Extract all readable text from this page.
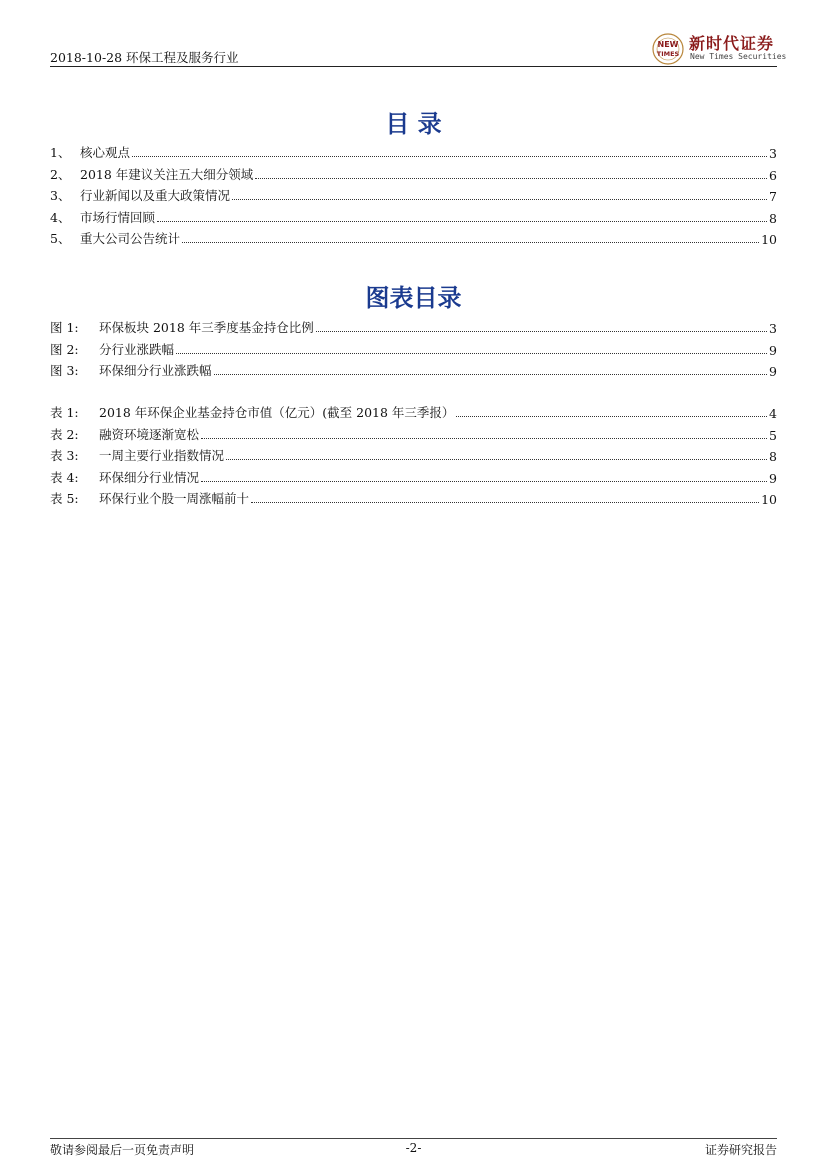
2018-10-28 环保工程及服务行业
NEW
TIMES
新时代证券
New Times Securities
目 录
1、 核心观点	3
2、 2018 年建议关注五大细分领域	6
3、 行业新闻以及重大政策情况	7
4、 市场行情回顾	8
5、 重大公司公告统计	10
图表目录
图 1:	环保板块 2018 年三季度基金持仓比例	3
图 2:	分行业涨跌幅	9
图 3:	环保细分行业涨跌幅	9
表 1:	2018 年环保企业基金持仓市值（亿元）(截至 2018 年三季报）	4
表 2:	融资环境逐渐宽松	5
表 3:	一周主要行业指数情况	8
表 4:	环保细分行业情况	9
表 5:	环保行业个股一周涨幅前十	10
敬请参阅最后一页免责声明	-2-	证券研究报告
